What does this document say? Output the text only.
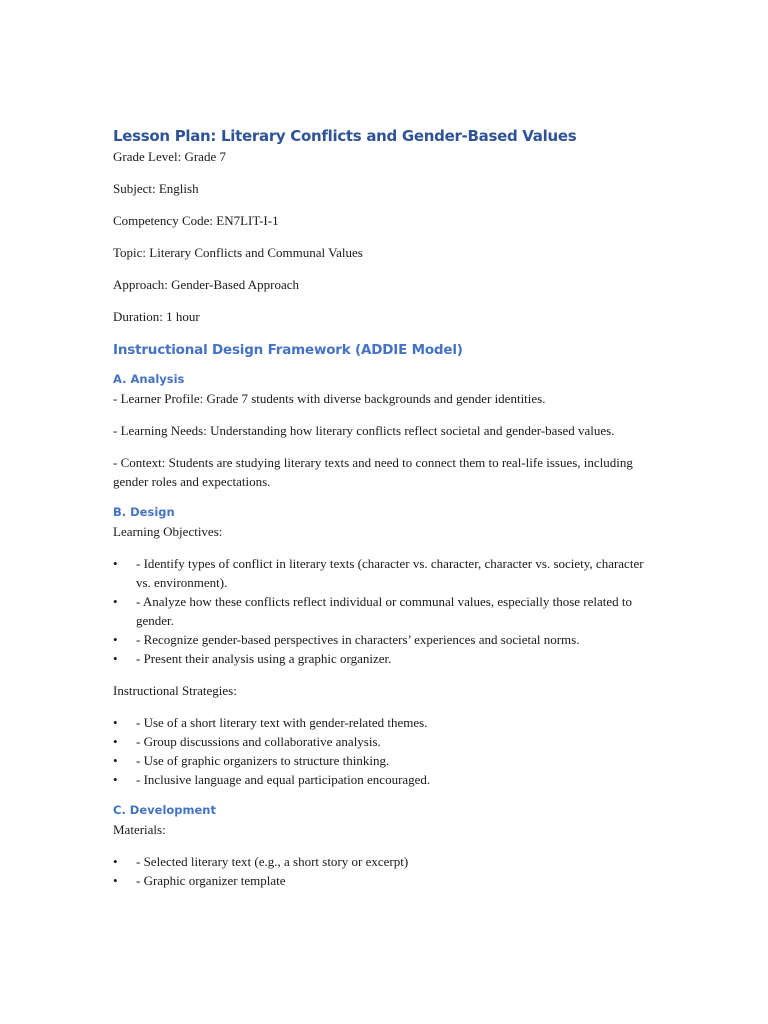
Lesson Plan: Literary Conflicts and Gender-Based Values

Grade Level: Grade 7

Subject: English

Competency Code: EN7LIT-I-1

Topic: Literary Conflicts and Communal Values

Approach: Gender-Based Approach

Duration: 1 hour

Instructional Design Framework (ADDIE Model)
A. Analysis

- Learner Profile: Grade 7 students with diverse backgrounds and gender identities.

- Learning Needs: Understanding how literary conflicts reflect societal and gender-based values.

- Context: Students are studying literary texts and need to connect them to real-life issues, including gender roles and expectations.

B. Design

Learning Objectives:

• - Identify types of conflict in literary texts (character vs. character, character vs. society, character vs. environment).
• - Analyze how these conflicts reflect individual or communal values, especially those related to gender.
• - Recognize gender-based perspectives in characters’ experiences and societal norms.
• - Present their analysis using a graphic organizer.

Instructional Strategies:

• - Use of a short literary text with gender-related themes.
• - Group discussions and collaborative analysis.
• - Use of graphic organizers to structure thinking.
• - Inclusive language and equal participation encouraged.
C. Development

Materials:

• - Selected literary text (e.g., a short story or excerpt)
• - Graphic organizer template
